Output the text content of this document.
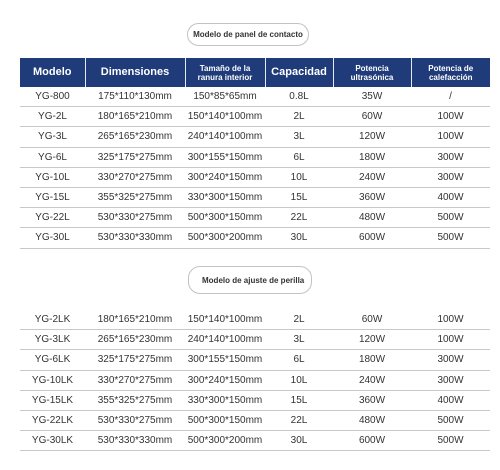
Modelo de panel de contacto
Modelo	Dimensiones	Tamaño de la ranura interior	Capacidad	Potencia ultrasónica	Potencia de calefacción
YG-800	175*110*130mm	150*85*65mm	0.8L	35W	/
YG-2L	180*165*210mm	150*140*100mm	2L	60W	100W
YG-3L	265*165*230mm	240*140*100mm	3L	120W	100W
YG-6L	325*175*275mm	300*155*150mm	6L	180W	300W
YG-10L	330*270*275mm	300*240*150mm	10L	240W	300W
YG-15L	355*325*275mm	330*300*150mm	15L	360W	400W
YG-22L	530*330*275mm	500*300*150mm	22L	480W	500W
YG-30L	530*330*330mm	500*300*200mm	30L	600W	500W
Modelo de ajuste de perilla
YG-2LK	180*165*210mm	150*140*100mm	2L	60W	100W
YG-3LK	265*165*230mm	240*140*100mm	3L	120W	100W
YG-6LK	325*175*275mm	300*155*150mm	6L	180W	300W
YG-10LK	330*270*275mm	300*240*150mm	10L	240W	300W
YG-15LK	355*325*275mm	330*300*150mm	15L	360W	400W
YG-22LK	530*330*275mm	500*300*150mm	22L	480W	500W
YG-30LK	530*330*330mm	500*300*200mm	30L	600W	500W
